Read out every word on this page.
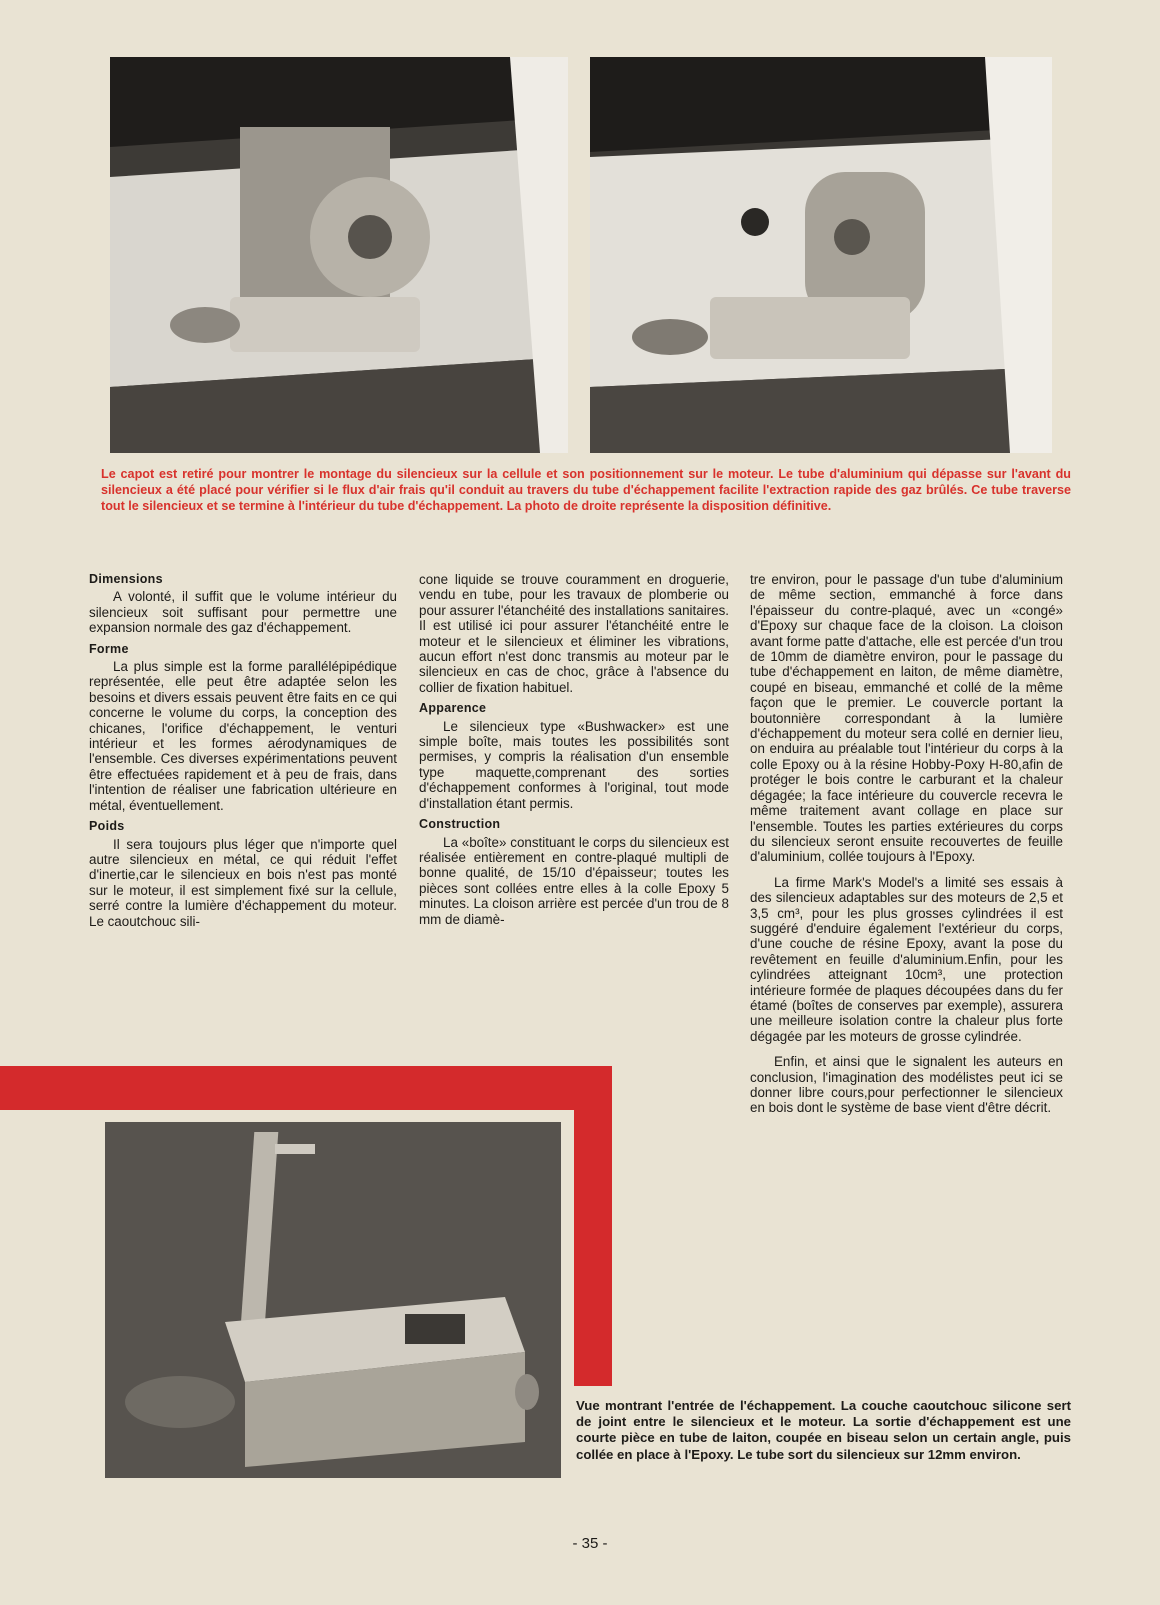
Le capot est retiré pour montrer le montage du silencieux sur la cellule et son positionnement sur le moteur. Le tube d'aluminium qui dépasse sur l'avant du silencieux a été placé pour vérifier si le flux d'air frais qu'il conduit au travers du tube d'échappement facilite l'extraction rapide des gaz brûlés. Ce tube traverse tout le silencieux et se termine à l'intérieur du tube d'échappement. La photo de droite représente la disposition définitive.

Dimensions

A volonté, il suffit que le volume intérieur du silencieux soit suffisant pour permettre une expansion normale des gaz d'échappement.

Forme

La plus simple est la forme parallélépipédique représentée, elle peut être adaptée selon les besoins et divers essais peuvent être faits en ce qui concerne le volume du corps, la conception des chicanes, l'orifice d'échappement, le venturi intérieur et les formes aérodynamiques de l'ensemble. Ces diverses expérimentations peuvent être effectuées rapidement et à peu de frais, dans l'intention de réaliser une fabrication ultérieure en métal, éventuellement.

Poids

Il sera toujours plus léger que n'importe quel autre silencieux en métal, ce qui réduit l'effet d'inertie,car le silencieux en bois n'est pas monté sur le moteur, il est simplement fixé sur la cellule, serré contre la lumière d'échappement du moteur. Le caoutchouc sili-

cone liquide se trouve couramment en droguerie, vendu en tube, pour les travaux de plomberie ou pour assurer l'étanchéité des installations sanitaires. Il est utilisé ici pour assurer l'étanchéité entre le moteur et le silencieux et éliminer les vibrations, aucun effort n'est donc transmis au moteur par le silencieux en cas de choc, grâce à l'absence du collier de fixation habituel.

Apparence

Le silencieux type «Bushwacker» est une simple boîte, mais toutes les possibilités sont permises, y compris la réalisation d'un ensemble type maquette,comprenant des sorties d'échappement conformes à l'original, tout mode d'installation étant permis.

Construction

La «boîte» constituant le corps du silencieux est réalisée entièrement en contre-plaqué multipli de bonne qualité, de 15/10 d'épaisseur; toutes les pièces sont collées entre elles à la colle Epoxy 5 minutes. La cloison arrière est percée d'un trou de 8 mm de diamè-

tre environ, pour le passage d'un tube d'aluminium de même section, emmanché à force dans l'épaisseur du contre-plaqué, avec un «congé» d'Epoxy sur chaque face de la cloison. La cloison avant forme patte d'attache, elle est percée d'un trou de 10mm de diamètre environ, pour le passage du tube d'échappement en laiton, de même diamètre, coupé en biseau, emmanché et collé de la même façon que le premier. Le couvercle portant la boutonnière correspondant à la lumière d'échappement du moteur sera collé en dernier lieu, on enduira au préalable tout l'intérieur du corps à la colle Epoxy ou à la résine Hobby-Poxy H-80,afin de protéger le bois contre le carburant et la chaleur dégagée; la face intérieure du couvercle recevra le même traitement avant collage en place sur l'ensemble. Toutes les parties extérieures du corps du silencieux seront ensuite recouvertes de feuille d'aluminium, collée toujours à l'Epoxy.

La firme Mark's Model's a limité ses essais à des silencieux adaptables sur des moteurs de 2,5 et 3,5 cm³, pour les plus grosses cylindrées il est suggéré d'enduire également l'extérieur du corps, d'une couche de résine Epoxy, avant la pose du revêtement en feuille d'aluminium.Enfin, pour les cylindrées atteignant 10cm³, une protection intérieure formée de plaques découpées dans du fer étamé (boîtes de conserves par exemple), assurera une meilleure isolation contre la chaleur plus forte dégagée par les moteurs de grosse cylindrée.

Enfin, et ainsi que le signalent les auteurs en conclusion, l'imagination des modélistes peut ici se donner libre cours,pour perfectionner le silencieux en bois dont le système de base vient d'être décrit.

Vue montrant l'entrée de l'échappement. La couche caoutchouc silicone sert de joint entre le silencieux et le moteur. La sortie d'échappement est une courte pièce en tube de laiton, coupée en biseau selon un certain angle, puis collée en place à l'Epoxy. Le tube sort du silencieux sur 12mm environ.

- 35 -
